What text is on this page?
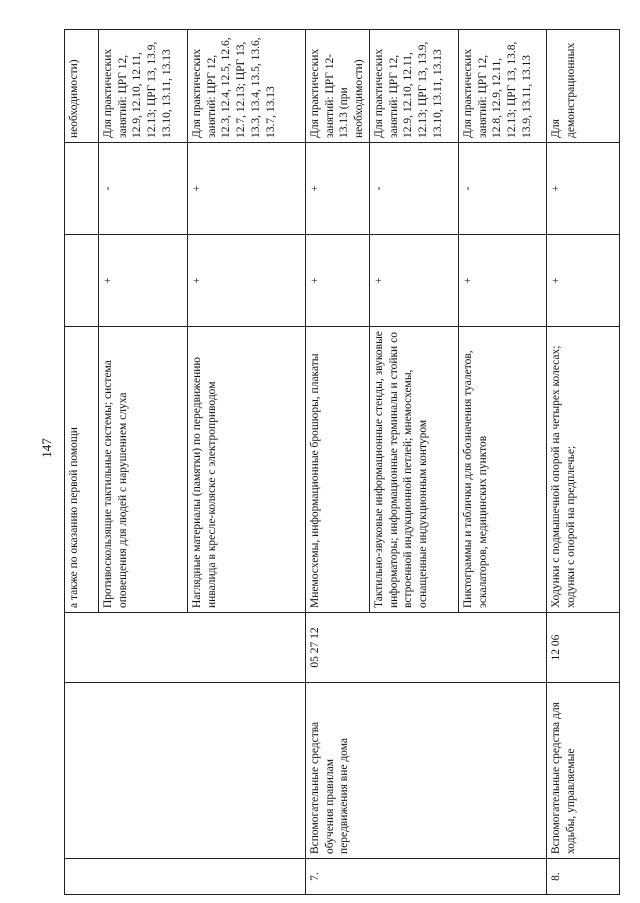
147
			а также по оказанию первой помощи			необходимости)
			Противоскользящие тактильные системы; система оповещения для людей с нарушением слуха	+	-	Для практических занятий: ЦРГ 12, 12.9, 12.10, 12.11, 12.13; ЦРГ 13, 13.9, 13.10, 13.11, 13.13
			Наглядные материалы (памятки) по передвижению инвалида в кресле-коляске с электроприводом	+	+	Для практических занятий: ЦРГ 12, 12.3, 12.4, 12.5, 12.6, 12.7, 12.13; ЦРГ 13, 13.3, 13.4, 13.5, 13.6, 13.7, 13.13
7.	Вспомогательные средства обучения правилам передвижения вне дома	05 27 12	Мнемосхемы, информационные брошюры, плакаты	+	+	Для практических занятий: ЦРГ 12-13.13 (при необходимости)
			Тактильно-звуковые информационные стенды, звуковые информаторы; информационные терминалы и стойки со встроенной индукционной петлей; мнемосхемы, оснащенные индукционным контуром	+	-	Для практических занятий: ЦРГ 12, 12.9, 12.10, 12.11, 12.13; ЦРГ 13, 13.9, 13.10, 13.11, 13.13
			Пиктограммы и таблички для обозначения туалетов, эскалаторов, медицинских пунктов	+	-	Для практических занятий: ЦРГ 12, 12.8, 12.9, 12.11, 12.13; ЦРГ 13, 13.8, 13.9, 13.11, 13.13
8.	Вспомогательные средства для ходьбы, управляемые	12 06	Ходунки с подмышечной опорой на четырех колесах; ходунки с опорой на предплечье;	+	+	Для демонстрационных
